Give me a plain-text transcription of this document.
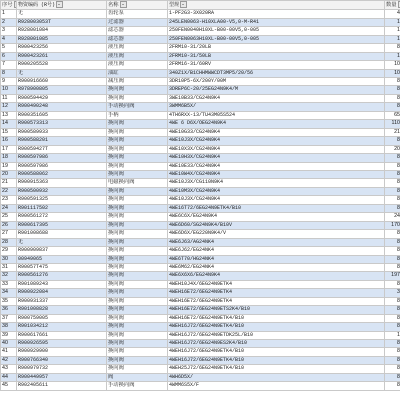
序号	物资编码 (R号)	名称	型规	数量	
1	无	齿轮泵	1-PF2G3-3X020RA	4	
2	R928003053T	过滤器	245LEN0063-H10XLA00-V5,0-M-R41	1	
3	R928001084	滤芯器	250FEN0040H10XL-B00-00V5,0-005	1	
4	R928001085	滤芯器	250FEN0063H10XL-B00-00V5,0-005	1	
5	R900423256	液压阀	2FRM10-31/20LB	8	
6	R900423261	液压阀	2FRM10-31/50LB	1	
7	R900205528	液压阀	2FRM16-31/60RV	10	
8	无	油缸	340Z1X/B1CHHMWWCDT3MP5/20/56	10	
9	R900916660	减压阀	3DR10P5-6X/200Y/00M	8	
10	R978900805	换向阀	3DREP6C-20/25EG24N9K4/M	8	
11	R900594429	换向阀	3WE10B33/CG24N9K4	8	
12	R900490248	手动换向阀	3WMM6B5X/	8	
13	R900351605	手柄	4TH6RXX-13/TU43M05S524	65	
14	R900573313	换向阀	4WE 6 D6X/OEG24N9K4	110	
15	R900589933	换向阀	4WE10G33/CG24N9K4	21	
16	R900588201	换向阀	4WE10J3X/CG24N9K4	8	
17	R90059427T	换向阀	4WE10X3X/CG24N9K4	20	
18	R900597986	换向阀	4WE10H3X/CG24N9K4	8	
19	R900597986	换向阀	4WE10E33/CG24N9K4	8	
20	R900588062	换向阀	4WE10W4X/CG24N9K4	8	
21	R900915363	电磁换向阀	4WE10J3X/CG110N9K4	8	
22	R900500932	换向阀	4WE10M3X/CG24N9K4	8	
23	R900591325	换向阀	4WE10J3X/CG24N9K4	8	
24	R901117502	换向阀	4WE16T72/6EG24N9ETK4/B10	8	
25	R900561272	换向阀	4WE6C6X/EG24N9K4	24	
26	R900617395	换向阀	4WE6D60/SG24N9K4/B10V	170	
27	R901008688	换向阀	4WE6D6X/EG220N9K4/V	8	
28	无	换向阀	4WE6J63/AG24NK4	8	
29	R900909837	换向阀	4WE6J62/EG24NK4	8	
30	00949065	换向阀	4WE6T70/HG24NK4	8	
31	R90057T475	换向阀	4WE6M62/EG24NK4	8	
32	R900561276	换向阀	4WE6X6X6/EG24N9K4	197	
33	R901089243	换向阀	4WEH10J4X/6EG24N9ETK4	8	
34	R900922084	换向阀	4WEH16E72/6EG24N9ETK4	3	
35	R900931337	换向阀	4WEH16E72/6EG24N9ETK4	8	
36	R901008828	换向阀	4WEH16E72/6EG24N9ETS2K4/B10	8	
37	R900759005	换向阀	4WEH16E72/6EG24N9ETK4/B10	8	
38	R901034212	换向阀	4WEH16J72/6EG24N9ETK4/B10	8	
39	R900617661	换向阀	4WEH16J72/6EG24N9ETDK25L/B10	1	
40	R900926595	换向阀	4WEH16J72/6EG24N9ES2K4/B10	8	
41	R900929900	换向阀	4WEH16J72/6EG24N9ETK4/B10	8	
42	R900766340	换向阀	4WEH16J72/6EG24N9ETK4/B10	8	
43	R900979732	换向阀	4WEH25J72/6EG24N9ETK4/B10	8	
44	R900449957	阀	4WH6D5X/	8	
45	R902405611	手动换向阀	4WMM6S5X/F	8	
